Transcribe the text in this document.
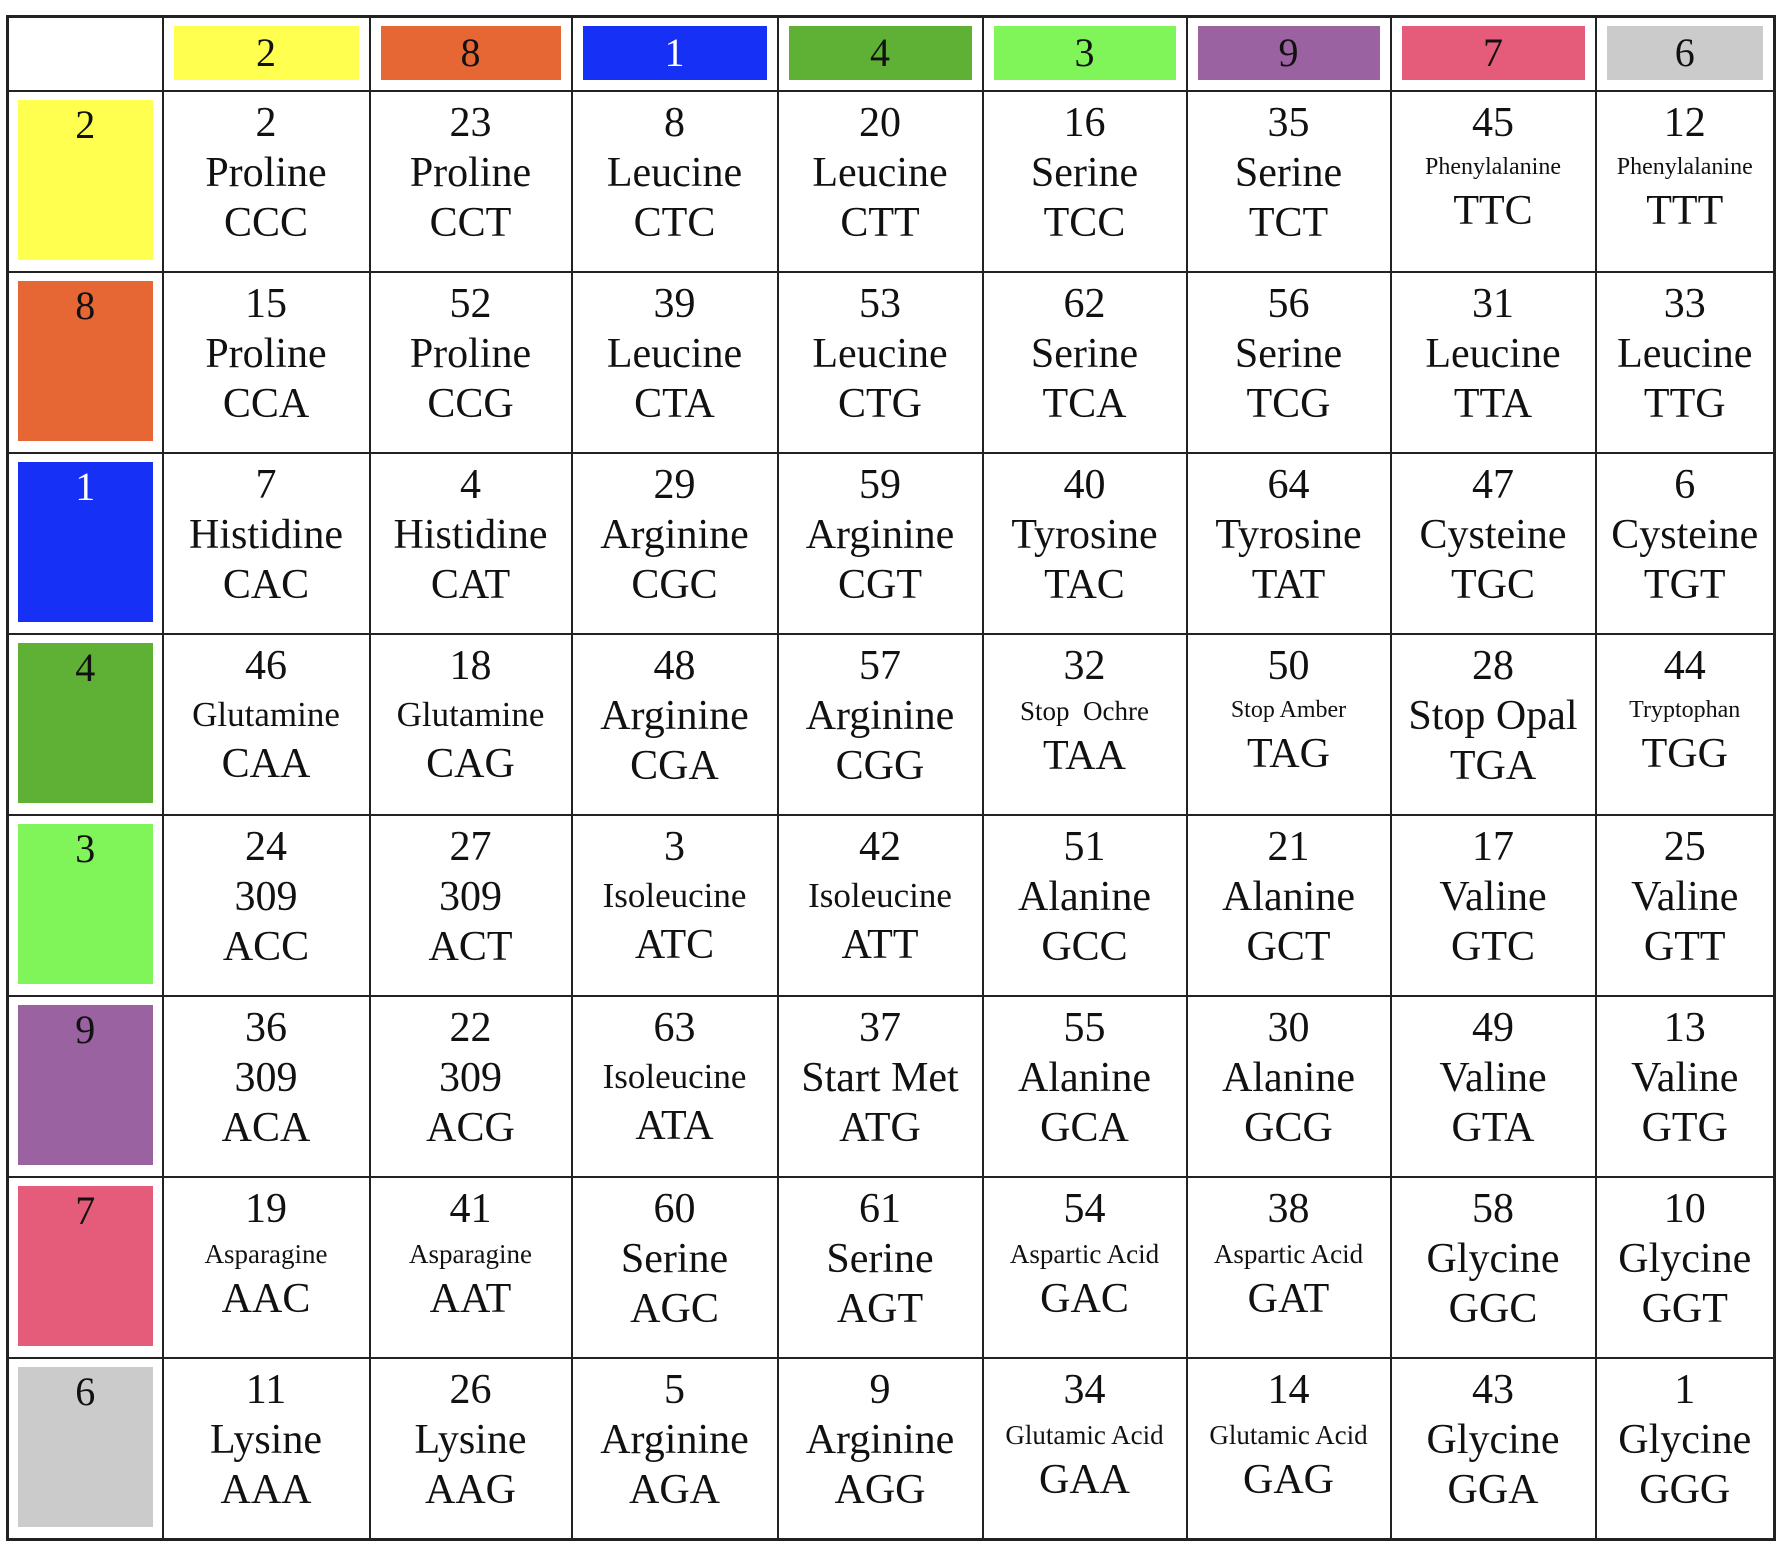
	2	8	1	4	3	9	7	6

2	2
Proline
CCC	23
Proline
CCT	8
Leucine
CTC	20
Leucine
CTT	16
Serine
TCC	35
Serine
TCT	45
Phenylalanine
TTC	12
Phenylalanine
TTT

8	15
Proline
CCA	52
Proline
CCG	39
Leucine
CTA	53
Leucine
CTG	62
Serine
TCA	56
Serine
TCG	31
Leucine
TTA	33
Leucine
TTG

1	7
Histidine
CAC	4
Histidine
CAT	29
Arginine
CGC	59
Arginine
CGT	40
Tyrosine
TAC	64
Tyrosine
TAT	47
Cysteine
TGC	6
Cysteine
TGT

4	46
Glutamine
CAA	18
Glutamine
CAG	48
Arginine
CGA	57
Arginine
CGG	32
Stop  Ochre
TAA	50
Stop Amber
TAG	28
Stop Opal
TGA	44
Tryptophan
TGG

3	24
309
ACC	27
309
ACT	3
Isoleucine
ATC	42
Isoleucine
ATT	51
Alanine
GCC	21
Alanine
GCT	17
Valine
GTC	25
Valine
GTT

9	36
309
ACA	22
309
ACG	63
Isoleucine
ATA	37
Start Met
ATG	55
Alanine
GCA	30
Alanine
GCG	49
Valine
GTA	13
Valine
GTG

7	19
Asparagine
AAC	41
Asparagine
AAT	60
Serine
AGC	61
Serine
AGT	54
Aspartic Acid
GAC	38
Aspartic Acid
GAT	58
Glycine
GGC	10
Glycine
GGT

6	11
Lysine
AAA	26
Lysine
AAG	5
Arginine
AGA	9
Arginine
AGG	34
Glutamic Acid
GAA	14
Glutamic Acid
GAG	43
Glycine
GGA	1
Glycine
GGG
